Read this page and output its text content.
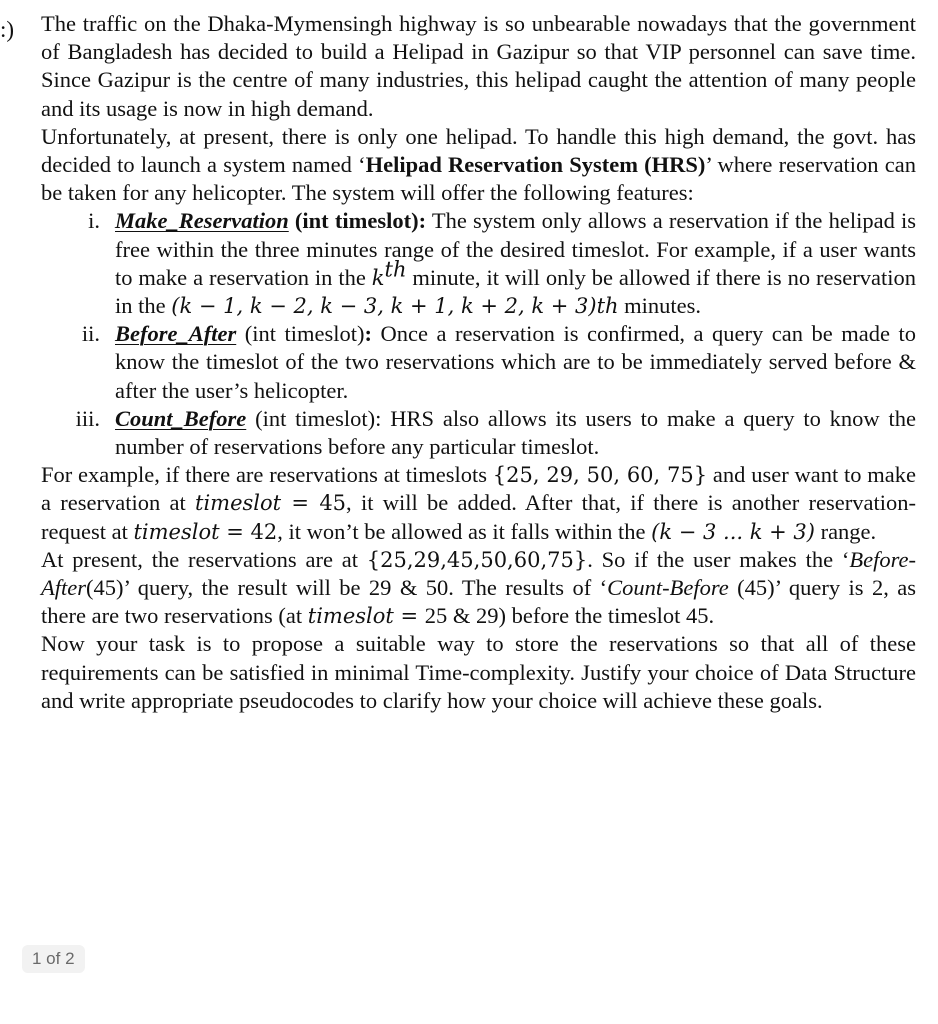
:)	The traffic on the Dhaka-Mymensingh highway is so unbearable nowadays that the government of Bangladesh has decided to build a Helipad in Gazipur so that VIP personnel can save time. Since Gazipur is the centre of many industries, this helipad caught the attention of many people and its usage is now in high demand.

Unfortunately, at present, there is only one helipad. To handle this high demand, the govt. has decided to launch a system named ‘Helipad Reservation System (HRS)’ where reservation can be taken for any helicopter. The system will offer the following features:

i. Make_Reservation (int timeslot): The system only allows a reservation if the helipad is free within the three minutes range of the desired timeslot. For example, if a user wants to make a reservation in the $k^{th}$ minute, it will only be allowed if there is no reservation in the (k − 1, k − 2, k − 3, k + 1, k + 2, k + 3)th minutes.
ii. Before_After (int timeslot): Once a reservation is confirmed, a query can be made to know the timeslot of the two reservations which are to be immediately served before & after the user’s helicopter.
iii. Count_Before (int timeslot): HRS also allows its users to make a query to know the number of reservations before any particular timeslot.

For example, if there are reservations at timeslots {25, 29, 50, 60, 75} and user want to make a reservation at timeslot = 45, it will be added. After that, if there is another reservation-request at timeslot = 42, it won’t be allowed as it falls within the (k − 3 ... k + 3) range.

At present, the reservations are at {25,29,45,50,60,75}. So if the user makes the ‘Before-After(45)’ query, the result will be 29 & 50. The results of ‘Count-Before (45)’ query is 2, as there are two reservations (at timeslot = 25 & 29) before the timeslot 45.

Now your task is to propose a suitable way to store the reservations so that all of these requirements can be satisfied in minimal Time-complexity. Justify your choice of Data Structure and write appropriate pseudocodes to clarify how your choice will achieve these goals.

1 of 2
